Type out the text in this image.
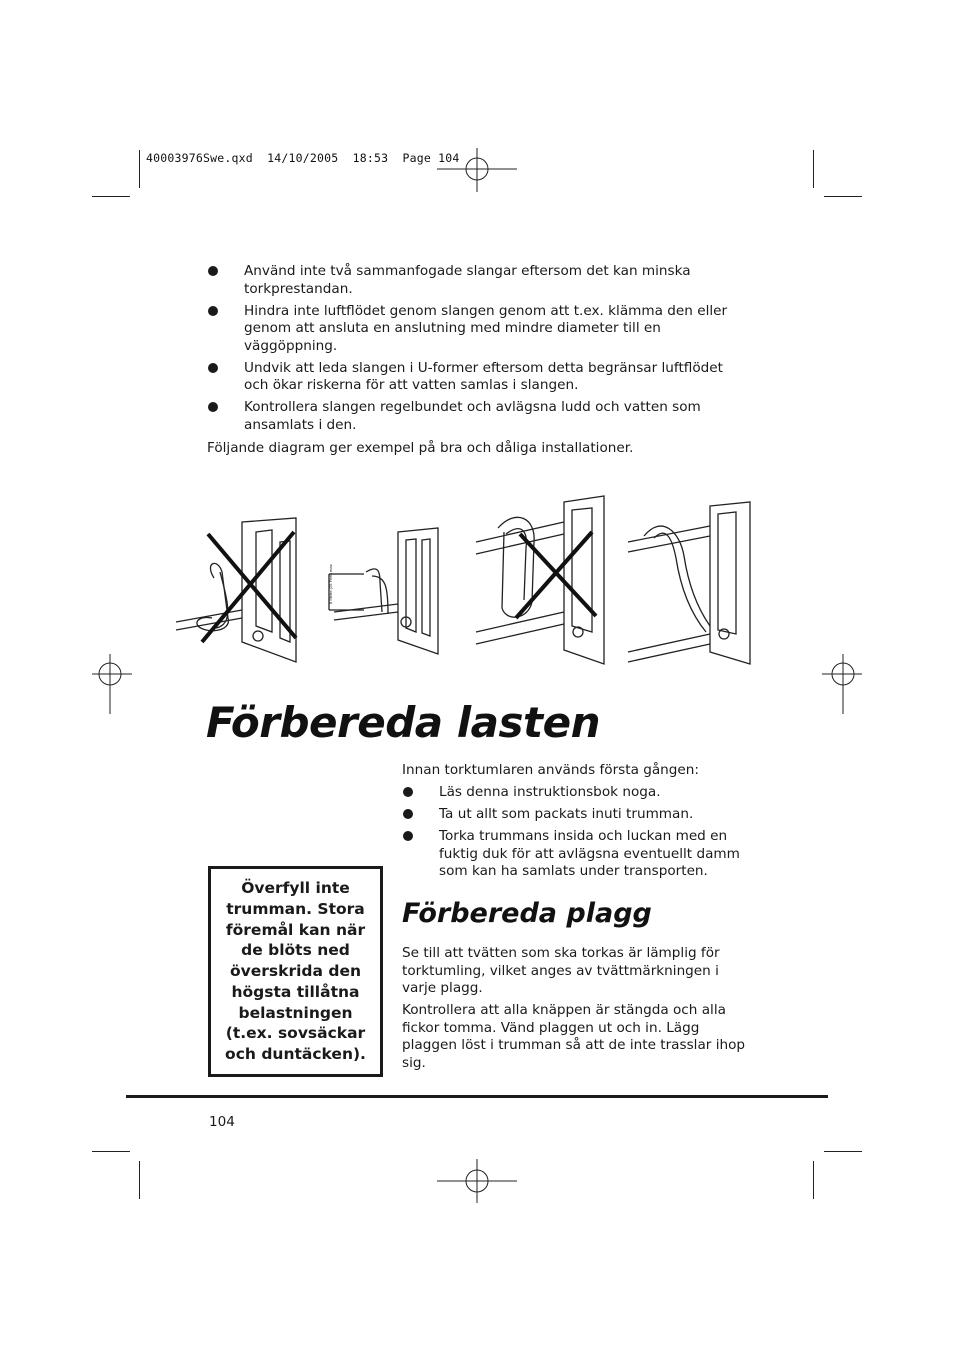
40003976Swe.qxd  14/10/2005  18:53  Page 104
Använd inte två sammanfogade slangar eftersom det kan minska torkprestandan.
Hindra inte luftflödet genom slangen genom att t.ex. klämma den eller genom att ansluta en anslutning med mindre diameter till en väggöppning.
Undvik att leda slangen i U-former eftersom detta begränsar luftflödet och ökar riskerna för att vatten samlas i slangen.
Kontrollera slangen regelbundet och avlägsna ludd och vatten som ansamlats i den.
Följande diagram ger exempel på bra och dåliga installationer.
8 Metre (25 Feet) max
Förbereda lasten
Innan torktumlaren används första gången:
Läs denna instruktionsbok noga.
Ta ut allt som packats inuti trumman.
Torka trummans insida och luckan med en fuktig duk för att avlägsna eventuellt damm som kan ha samlats under transporten.
Förbereda plagg
Se till att tvätten som ska torkas är lämplig för torktumling, vilket anges av tvättmärkningen i varje plagg.
Kontrollera att alla knäppen är stängda och alla fickor tomma. Vänd plaggen ut och in. Lägg plaggen löst i trumman så att de inte trasslar ihop sig.
Överfyll inte trumman. Stora föremål kan när de blöts ned överskrida den högsta tillåtna belastningen (t.ex. sovsäckar och duntäcken).
104
